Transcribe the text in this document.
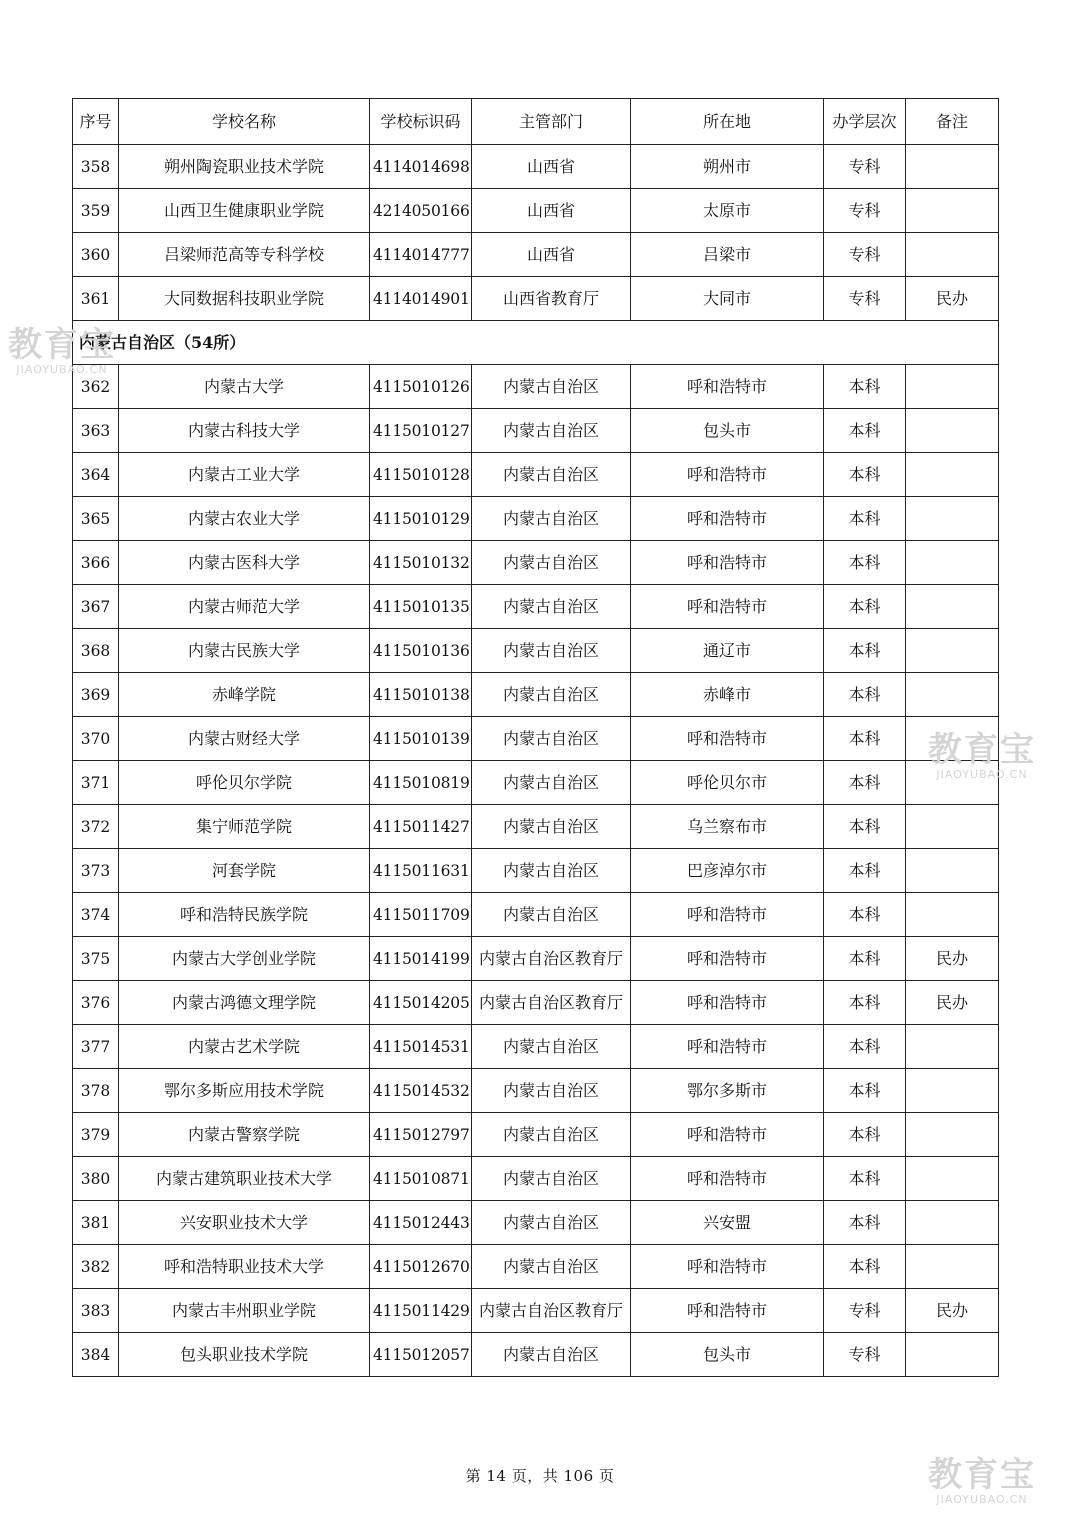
序号	学校名称	学校标识码	主管部门	所在地	办学层次	备注
358	朔州陶瓷职业技术学院	4114014698	山西省	朔州市	专科	
359	山西卫生健康职业学院	4214050166	山西省	太原市	专科	
360	吕梁师范高等专科学校	4114014777	山西省	吕梁市	专科	
361	大同数据科技职业学院	4114014901	山西省教育厅	大同市	专科	民办
内蒙古自治区（54所）						
362	内蒙古大学	4115010126	内蒙古自治区	呼和浩特市	本科	
363	内蒙古科技大学	4115010127	内蒙古自治区	包头市	本科	
364	内蒙古工业大学	4115010128	内蒙古自治区	呼和浩特市	本科	
365	内蒙古农业大学	4115010129	内蒙古自治区	呼和浩特市	本科	
366	内蒙古医科大学	4115010132	内蒙古自治区	呼和浩特市	本科	
367	内蒙古师范大学	4115010135	内蒙古自治区	呼和浩特市	本科	
368	内蒙古民族大学	4115010136	内蒙古自治区	通辽市	本科	
369	赤峰学院	4115010138	内蒙古自治区	赤峰市	本科	
370	内蒙古财经大学	4115010139	内蒙古自治区	呼和浩特市	本科	
371	呼伦贝尔学院	4115010819	内蒙古自治区	呼伦贝尔市	本科	
372	集宁师范学院	4115011427	内蒙古自治区	乌兰察布市	本科	
373	河套学院	4115011631	内蒙古自治区	巴彦淖尔市	本科	
374	呼和浩特民族学院	4115011709	内蒙古自治区	呼和浩特市	本科	
375	内蒙古大学创业学院	4115014199	内蒙古自治区教育厅	呼和浩特市	本科	民办
376	内蒙古鸿德文理学院	4115014205	内蒙古自治区教育厅	呼和浩特市	本科	民办
377	内蒙古艺术学院	4115014531	内蒙古自治区	呼和浩特市	本科	
378	鄂尔多斯应用技术学院	4115014532	内蒙古自治区	鄂尔多斯市	本科	
379	内蒙古警察学院	4115012797	内蒙古自治区	呼和浩特市	本科	
380	内蒙古建筑职业技术大学	4115010871	内蒙古自治区	呼和浩特市	本科	
381	兴安职业技术大学	4115012443	内蒙古自治区	兴安盟	本科	
382	呼和浩特职业技术大学	4115012670	内蒙古自治区	呼和浩特市	本科	
383	内蒙古丰州职业学院	4115011429	内蒙古自治区教育厅	呼和浩特市	专科	民办
384	包头职业技术学院	4115012057	内蒙古自治区	包头市	专科	
第 14 页，共 106 页
教育宝
JIAOYUBAO.CN
教育宝
JIAOYUBAO.CN
教育宝
JIAOYUBAO.CN
